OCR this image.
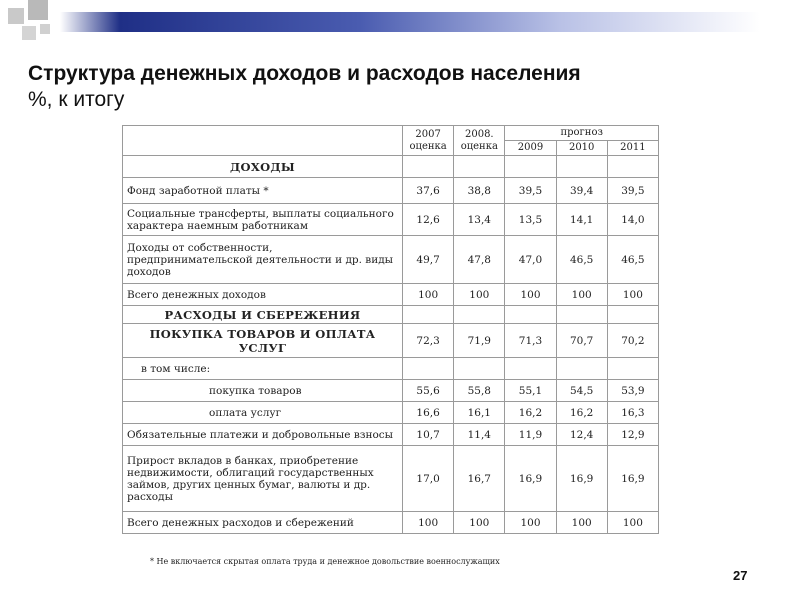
Структура денежных доходов и расходов населения
%, к итогу
	2007 оценка	2008. оценка	прогноз		
			2009	2010	2011
ДОХОДЫ					
Фонд заработной платы *	37,6	38,8	39,5	39,4	39,5
Социальные трансферты, выплаты социального характера наемным работникам	12,6	13,4	13,5	14,1	14,0
Доходы от собственности, предпринимательской деятельности и др. виды доходов	49,7	47,8	47,0	46,5	46,5
Всего денежных доходов	100	100	100	100	100
РАСХОДЫ И СБЕРЕЖЕНИЯ					
ПОКУПКА ТОВАРОВ И ОПЛАТА УСЛУГ	72,3	71,9	71,3	70,7	70,2
в том числе:					
покупка товаров	55,6	55,8	55,1	54,5	53,9
оплата услуг	16,6	16,1	16,2	16,2	16,3
Обязательные платежи и добровольные взносы	10,7	11,4	11,9	12,4	12,9
Прирост вкладов в банках, приобретение недвижимости, облигаций государственных займов, других ценных бумаг, валюты и др. расходы	17,0	16,7	16,9	16,9	16,9
Всего денежных расходов и сбережений	100	100	100	100	100
* Не включается скрытая оплата труда и денежное довольствие военнослужащих
27
